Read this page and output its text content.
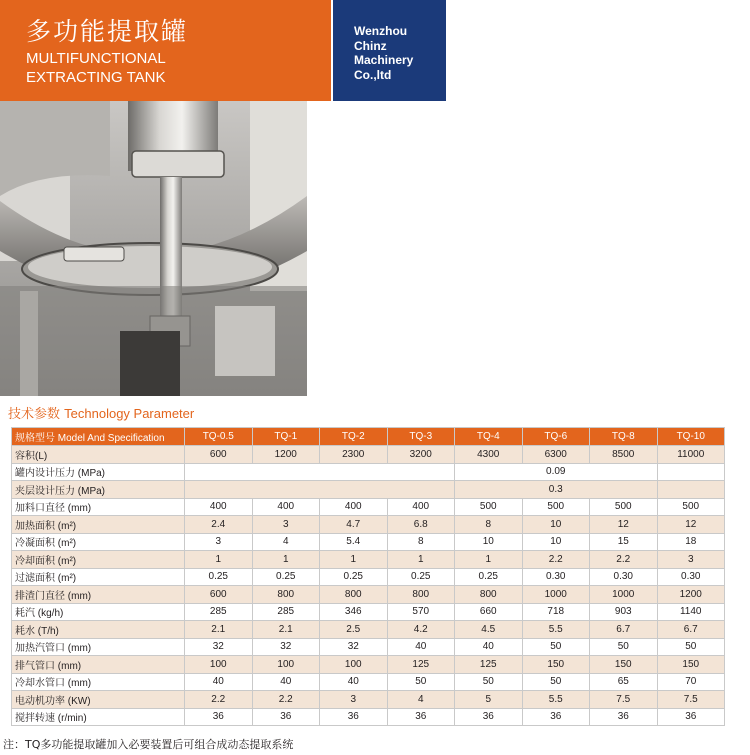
多功能提取罐
MULTIFUNCTIONAL
EXTRACTING TANK
Wenzhou
Chinz
Machinery
Co.,ltd
技术参数 Technology Parameter
规格型号 Model And Specification	TQ-0.5	TQ-1	TQ-2	TQ-3	TQ-4	TQ-6	TQ-8	TQ-10
容积(L)	600	1200	2300	3200	4300	6300	8500	11000
罐内设计压力 (MPa)					0.09			
夹层设计压力 (MPa)					0.3			
加料口直径 (mm)	400	400	400	400	500	500	500	500
加热面积 (m²)	2.4	3	4.7	6.8	8	10	12	12
冷凝面积 (m²)	3	4	5.4	8	10	10	15	18
冷却面积 (m²)	1	1	1	1	1	2.2	2.2	3
过滤面积 (m²)	0.25	0.25	0.25	0.25	0.25	0.30	0.30	0.30
排渣门直径 (mm)	600	800	800	800	800	1000	1000	1200
耗汽 (kg/h)	285	285	346	570	660	718	903	1140
耗水 (T/h)	2.1	2.1	2.5	4.2	4.5	5.5	6.7	6.7
加热汽管口 (mm)	32	32	32	40	40	50	50	50
排气管口 (mm)	100	100	100	125	125	150	150	150
冷却水管口 (mm)	40	40	40	50	50	50	65	70
电动机功率 (KW)	2.2	2.2	3	4	5	5.5	7.5	7.5
搅拌转速 (r/min)	36	36	36	36	36	36	36	36
注：TQ多功能提取罐加入必要装置后可组合成动态提取系统
